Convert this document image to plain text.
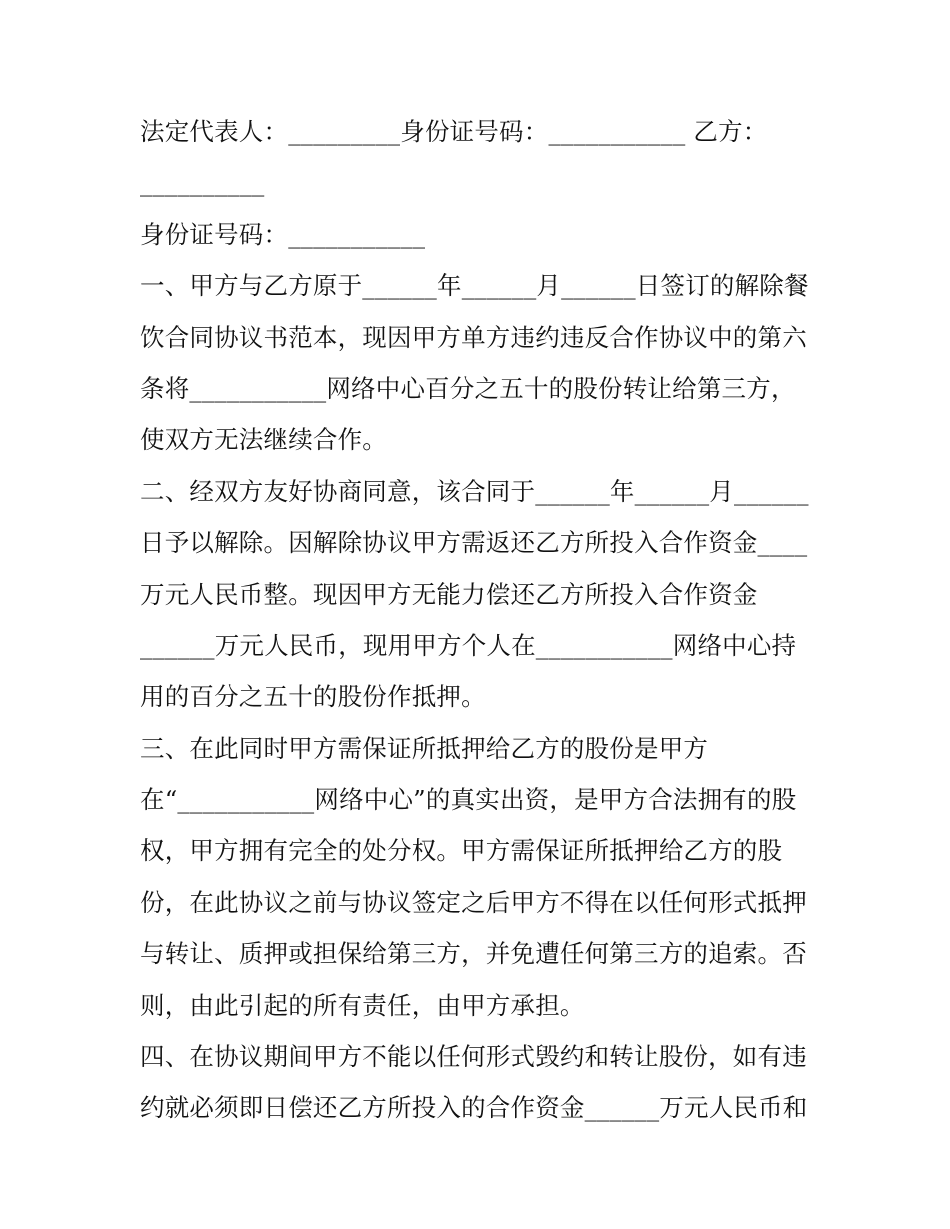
法定代表人：_________身份证号码：___________ 乙方：
__________
身份证号码：___________
一、甲方与乙方原于______年______月______日签订的解除餐
饮合同协议书范本，现因甲方单方违约违反合作协议中的第六
条将___________网络中心百分之五十的股份转让给第三方，
使双方无法继续合作。
二、经双方友好协商同意，该合同于______年______月______
日予以解除。因解除协议甲方需返还乙方所投入合作资金____
万元人民币整。现因甲方无能力偿还乙方所投入合作资金
______万元人民币，现用甲方个人在___________网络中心持
用的百分之五十的股份作抵押。
三、在此同时甲方需保证所抵押给乙方的股份是甲方
在“___________网络中心”的真实出资，是甲方合法拥有的股
权，甲方拥有完全的处分权。甲方需保证所抵押给乙方的股
份，在此协议之前与协议签定之后甲方不得在以任何形式抵押
与转让、质押或担保给第三方，并免遭任何第三方的追索。否
则，由此引起的所有责任，由甲方承担。
四、在协议期间甲方不能以任何形式毁约和转让股份，如有违
约就必须即日偿还乙方所投入的合作资金______万元人民币和
